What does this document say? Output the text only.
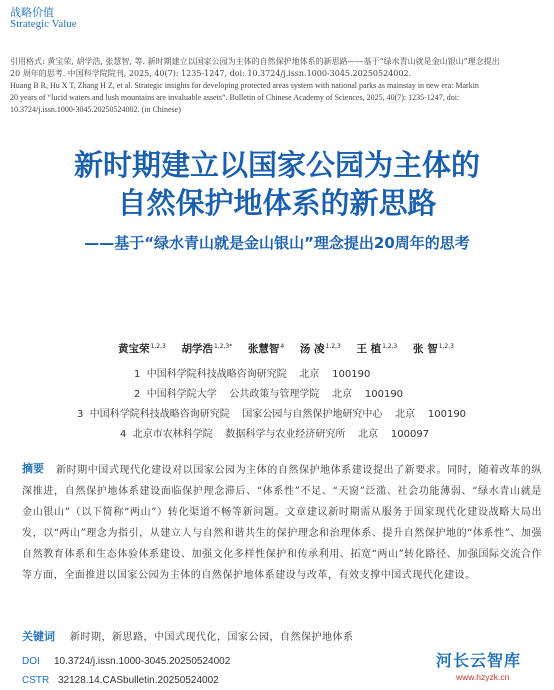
战略价值
Strategic Value
引用格式: 黄宝荣, 胡学浩, 张慧智, 等. 新时期建立以国家公园为主体的自然保护地体系的新思路——基于“绿水青山就是金山银山”理念提出
20 周年的思考. 中国科学院院刊, 2025, 40(7): 1235-1247, doi: 10.3724/j.issn.1000-3045.20250524002.
Huang B R, Hu X T, Zhang H Z, et al. Strategic insights for developing protected areas system with national parks as mainstay in new era: Markin
20 years of “lucid waters and lush mountains are invaluable assets”. Bulletin of Chinese Academy of Sciences, 2025, 40(7): 1235-1247, doi:
10.3724/j.issn.1000-3045.20250524002. (in Chinese)
新时期建立以国家公园为主体的
自然保护地体系的新思路
——基于“绿水青山就是金山银山”理念提出20周年的思考
黄宝荣$^{1,2,3}$ 胡学浩$^{1,2,3*}$ 张慧智$^4$ 汤 凌$^{1,2,3}$ 王 植$^{1,2,3}$ 张 智$^{1,2,3}$
1  中国科学院科技战略咨询研究院    北京    100190
2  中国科学院大学    公共政策与管理学院    北京    100190
3  中国科学院科技战略咨询研究院    国家公园与自然保护地研究中心    北京    100190
4  北京市农林科学院    数据科学与农业经济研究所    北京    100097
新时期中国式现代化建设对以国家公园为主体的自然保护地体系建设提出了新要求。同时，随着改革的纵深推进，自然保护地体系建设面临保护理念滞后、“体系性”不足、“天窗”泛滥、社会功能薄弱、“绿水青山就是金山银山”（以下简称“两山”）转化渠道不畅等新问题。文章建议新时期需从服务于国家现代化建设战略大局出发，以“两山”理念为指引，从建立人与自然和谐共生的保护理念和治理体系、提升自然保护地的“体系性”、加强自然教育体系和生态体验体系建设、加强文化多样性保护和传承利用、拓宽“两山”转化路径、加强国际交流合作等方面，全面推进以国家公园为主体的自然保护地体系建设与改革，有效支撑中国式现代化建设。
摘要
关键词 新时期，新思路，中国式现代化，国家公园，自然保护地体系
DOI 10.3724/j.issn.1000-3045.20250524002
CSTR 32128.14.CASbulletin.20250524002
河长云智库
www.hzyzk.cn
